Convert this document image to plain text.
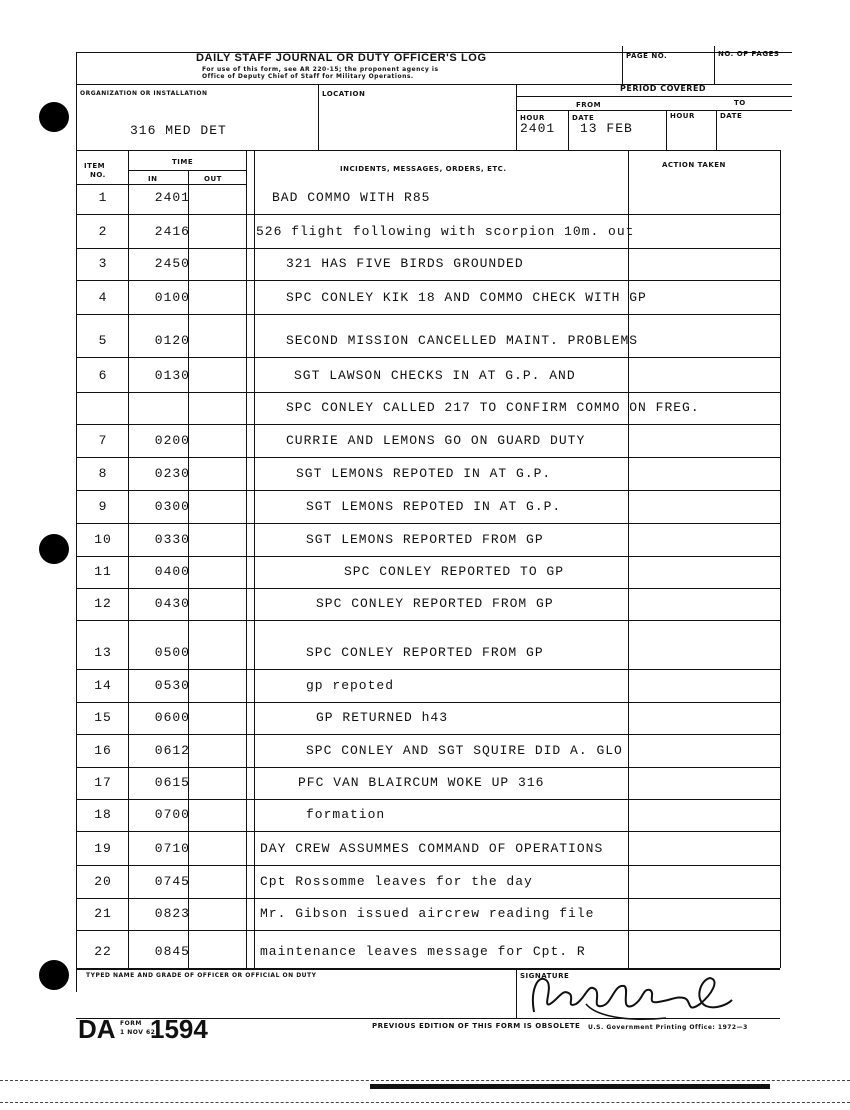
DAILY STAFF JOURNAL OR DUTY OFFICER'S LOG
For use of this form, see AR 220-15; the proponent agency is
Office of Deputy Chief of Staff for Military Operations.
PAGE NO.	NO. OF PAGES
ORGANIZATION OR INSTALLATION
316 MED DET
LOCATION
PERIOD COVERED
FROM	TO
HOUR	DATE	HOUR	DATE
2401 13 FEB
ITEM
NO.
TIME
IN	OUT
INCIDENTS, MESSAGES, ORDERS, ETC.	ACTION TAKEN
TYPED NAME AND GRADE OF OFFICER OR OFFICIAL ON DUTY	SIGNATURE
DA FORM
1 NOV 62
1594	PREVIOUS EDITION OF THIS FORM IS OBSOLETE U.S. Government Printing Office: 1972—3
1	2401	BAD COMMO WITH R85
2	2416	526 flight following with scorpion 10m. out
3	2450	321 HAS FIVE BIRDS GROUNDED
4	0100	SPC CONLEY KIK 18 AND COMMO CHECK WITH GP
5	0120	SECOND MISSION CANCELLED MAINT. PROBLEMS
6	0130	SGT LAWSON CHECKS IN AT G.P. AND
SPC CONLEY CALLED 217 TO CONFIRM COMMO ON FREG.
7	0200	CURRIE AND LEMONS GO ON GUARD DUTY
8	0230	SGT LEMONS REPOTED IN AT G.P.
9	0300	SGT LEMONS REPOTED IN AT G.P.
10	0330	SGT LEMONS REPORTED FROM GP
11	0400	SPC CONLEY REPORTED TO GP
12	0430	SPC CONLEY REPORTED FROM GP
13	0500	SPC CONLEY REPORTED FROM GP
14	0530	gp repoted
15	0600	GP RETURNED h43
16	0612	SPC CONLEY AND SGT SQUIRE DID A. GLO
17	0615	PFC VAN BLAIRCUM WOKE UP 316
18	0700	formation
19	0710	DAY CREW ASSUMMES COMMAND OF OPERATIONS
20	0745	Cpt Rossomme leaves for the day
21	0823	Mr. Gibson issued aircrew reading file
22	0845	maintenance leaves message for Cpt. R
